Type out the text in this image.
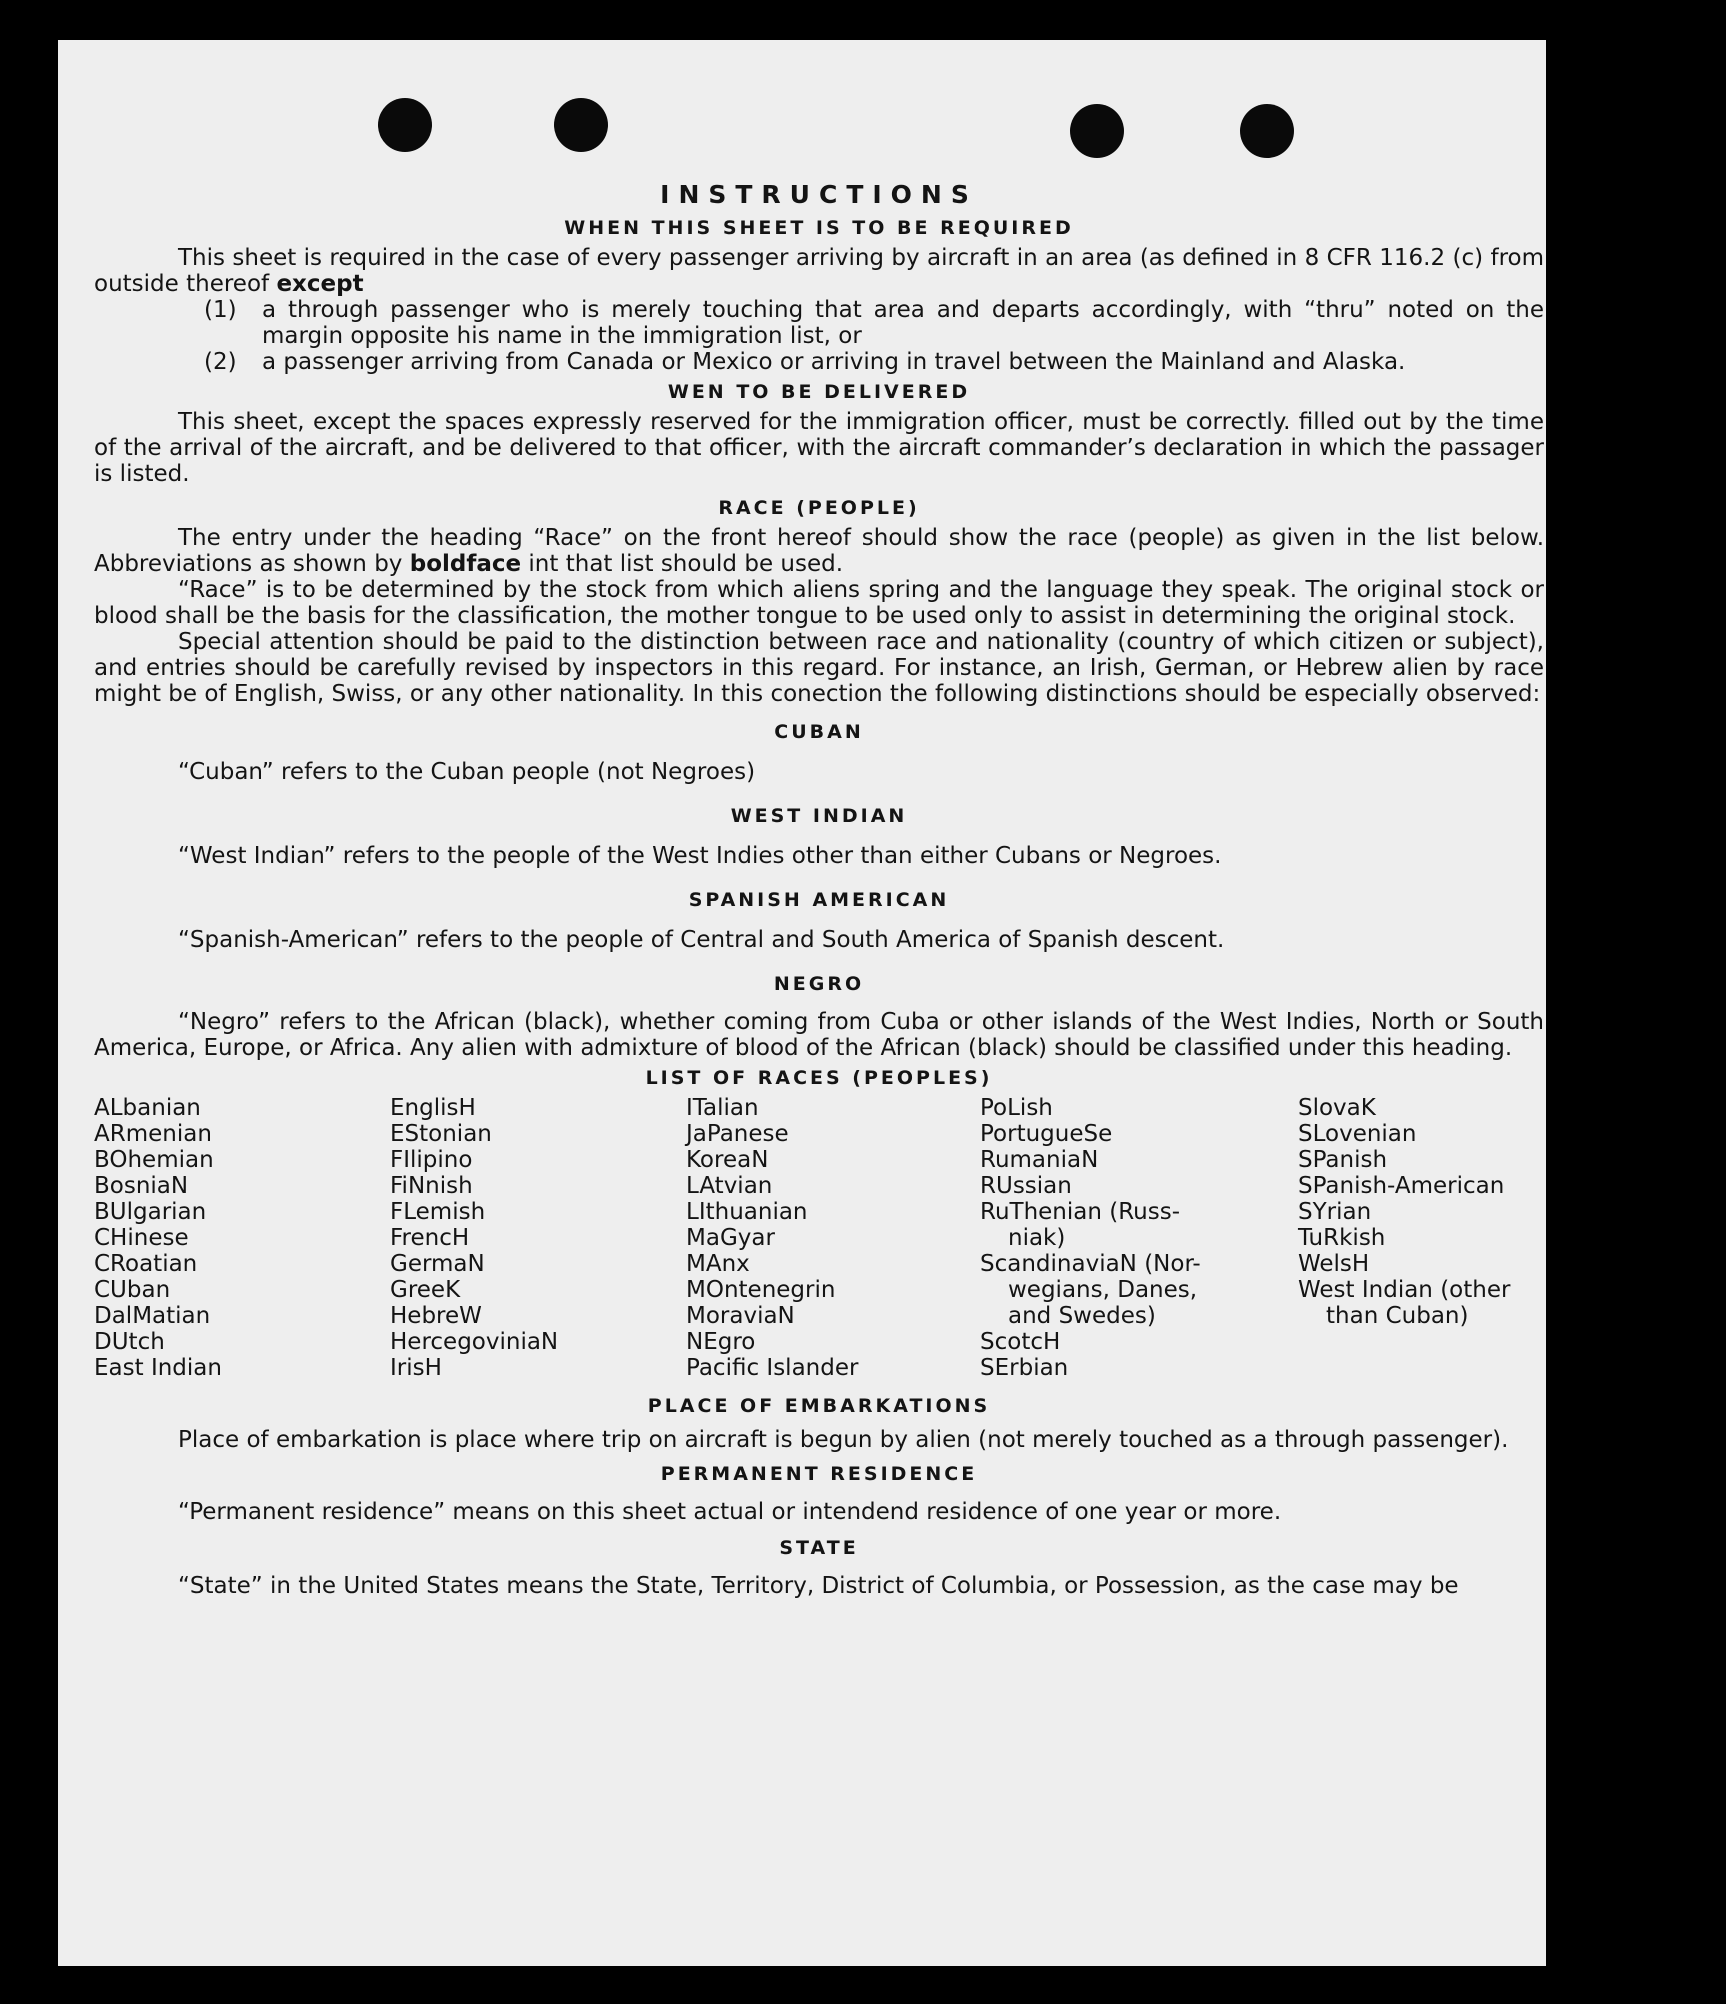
INSTRUCTIONS
WHEN THIS SHEET IS TO BE REQUIRED

This sheet is required in the case of every passenger arriving by aircraft in an area (as defined in 8 CFR 116.2 (c) from outside thereof except

(1)	a through passenger who is merely touching that area and departs accordingly, with “thru” noted on the margin opposite his name in the immigration list, or
(2)	a passenger arriving from Canada or Mexico or arriving in travel between the Mainland and Alaska.
WEN TO BE DELIVERED

This sheet, except the spaces expressly reserved for the immigration officer, must be correctly. filled out by the time of the arrival of the aircraft, and be delivered to that officer, with the aircraft commander’s declaration in which the passager is listed.

RACE (PEOPLE)

The entry under the heading “Race” on the front hereof should show the race (people) as given in the list below. Abbreviations as shown by boldface int that list should be used.

“Race” is to be determined by the stock from which aliens spring and the language they speak. The original stock or blood shall be the basis for the classification, the mother tongue to be used only to assist in determining the original stock.

Special attention should be paid to the distinction between race and nationality (country of which citizen or subject), and entries should be carefully revised by inspectors in this regard. For instance, an Irish, German, or Hebrew alien by race might be of English, Swiss, or any other nationality. In this conection the following distinctions should be especially observed:

CUBAN

“Cuban” refers to the Cuban people (not Negroes)

WEST INDIAN

“West Indian” refers to the people of the West Indies other than either Cubans or Negroes.

SPANISH AMERICAN

“Spanish-American” refers to the people of Central and South America of Spanish descent.

NEGRO

“Negro” refers to the African (black), whether coming from Cuba or other islands of the West Indies, North or South America, Europe, or Africa. Any alien with admixture of blood of the African (black) should be classified under this heading.

LIST OF RACES (PEOPLES)
ALbanian
ARmenian
BOhemian
BosniaN
BUlgarian
CHinese
CRoatian
CUban
DalMatian
DUtch
East Indian
EnglisH
EStonian
FIlipino
FiNnish
FLemish
FrencH
GermaN
GreeK
HebreW
HercegoviniaN
IrisH
ITalian
JaPanese
KoreaN
LAtvian
LIthuanian
MaGyar
MAnx
MOntenegrin
MoraviaN
NEgro
Pacific Islander
PoLish
PortugueSe
RumaniaN
RUssian
RuThenian (Russ-
niak)
ScandinaviaN (Nor-
wegians, Danes,
and Swedes)
ScotcH
SErbian
SlovaK
SLovenian
SPanish
SPanish-American
SYrian
TuRkish
WelsH
West Indian (other
than Cuban)
PLACE OF EMBARKATIONS

Place of embarkation is place where trip on aircraft is begun by alien (not merely touched as a through passenger).

PERMANENT RESIDENCE

“Permanent residence” means on this sheet actual or intendend residence of one year or more.

STATE

“State” in the United States means the State, Territory, District of Columbia, or Possession, as the case may be
